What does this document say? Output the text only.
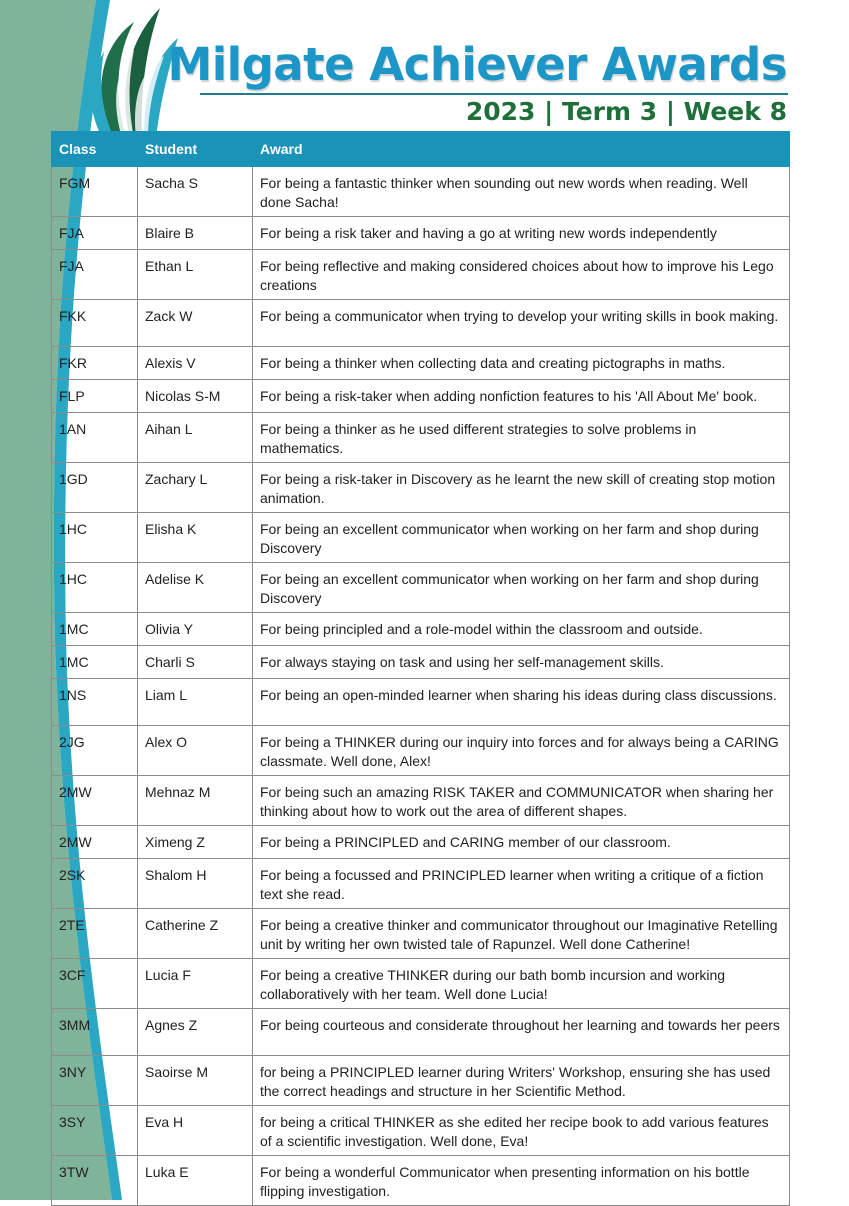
Milgate Achiever Awards
2023 | Term 3 | Week 8
Class	Student	Award
FGM	Sacha S	For being a fantastic thinker when sounding out new words when reading. Well done Sacha!
FJA	Blaire B	For being a risk taker and having a go at writing new words independently
FJA	Ethan L	For being reflective and making considered choices about how to improve his Lego creations
FKK	Zack W	For being a communicator when trying to develop your writing skills in book making.
FKR	Alexis V	For being a thinker when collecting data and creating pictographs in maths.
FLP	Nicolas S-M	For being a risk-taker when adding nonfiction features to his 'All About Me' book.
1AN	Aihan L	For being a thinker as he used different strategies to solve problems in mathematics.
1GD	Zachary L	For being a risk-taker in Discovery as he learnt the new skill of creating stop motion animation.
1HC	Elisha K	For being an excellent communicator when working on her farm and shop during Discovery
1HC	Adelise K	For being an excellent communicator when working on her farm and shop during Discovery
1MC	Olivia Y	For being principled and a role-model within the classroom and outside.
1MC	Charli S	For always staying on task and using her self-management skills.
1NS	Liam L	For being an open-minded learner when sharing his ideas during class discussions.
2JG	Alex O	For being a THINKER during our inquiry into forces and for always being a CARING classmate. Well done, Alex!
2MW	Mehnaz M	For being such an amazing RISK TAKER and COMMUNICATOR when sharing her thinking about how to work out the area of different shapes.
2MW	Ximeng Z	For being a PRINCIPLED and CARING member of our classroom.
2SK	Shalom H	For being a focussed and PRINCIPLED learner when writing a critique of a fiction text she read.
2TE	Catherine Z	For being a creative thinker and communicator throughout our Imaginative Retelling unit by writing her own twisted tale of Rapunzel. Well done Catherine!
3CF	Lucia F	For being a creative THINKER during our bath bomb incursion and working collaboratively with her team. Well done Lucia!
3MM	Agnes Z	For being courteous and considerate throughout her learning and towards her peers
3NY	Saoirse M	for being a PRINCIPLED learner during Writers' Workshop, ensuring she has used the correct headings and structure in her Scientific Method.
3SY	Eva H	for being a critical THINKER as she edited her recipe book to add various features of a scientific investigation. Well done, Eva!
3TW	Luka E	For being a wonderful Communicator when presenting information on his bottle flipping investigation.
